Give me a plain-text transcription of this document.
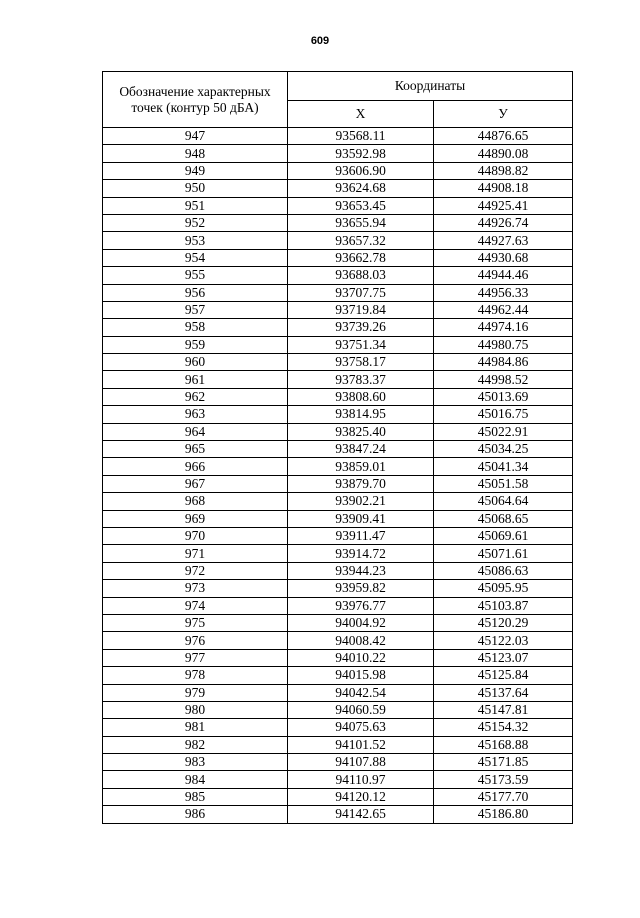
609
Обозначение характерных
точек (контур 50 дБА)	Координаты	
	X	У
947	93568.11	44876.65
948	93592.98	44890.08
949	93606.90	44898.82
950	93624.68	44908.18
951	93653.45	44925.41
952	93655.94	44926.74
953	93657.32	44927.63
954	93662.78	44930.68
955	93688.03	44944.46
956	93707.75	44956.33
957	93719.84	44962.44
958	93739.26	44974.16
959	93751.34	44980.75
960	93758.17	44984.86
961	93783.37	44998.52
962	93808.60	45013.69
963	93814.95	45016.75
964	93825.40	45022.91
965	93847.24	45034.25
966	93859.01	45041.34
967	93879.70	45051.58
968	93902.21	45064.64
969	93909.41	45068.65
970	93911.47	45069.61
971	93914.72	45071.61
972	93944.23	45086.63
973	93959.82	45095.95
974	93976.77	45103.87
975	94004.92	45120.29
976	94008.42	45122.03
977	94010.22	45123.07
978	94015.98	45125.84
979	94042.54	45137.64
980	94060.59	45147.81
981	94075.63	45154.32
982	94101.52	45168.88
983	94107.88	45171.85
984	94110.97	45173.59
985	94120.12	45177.70
986	94142.65	45186.80
